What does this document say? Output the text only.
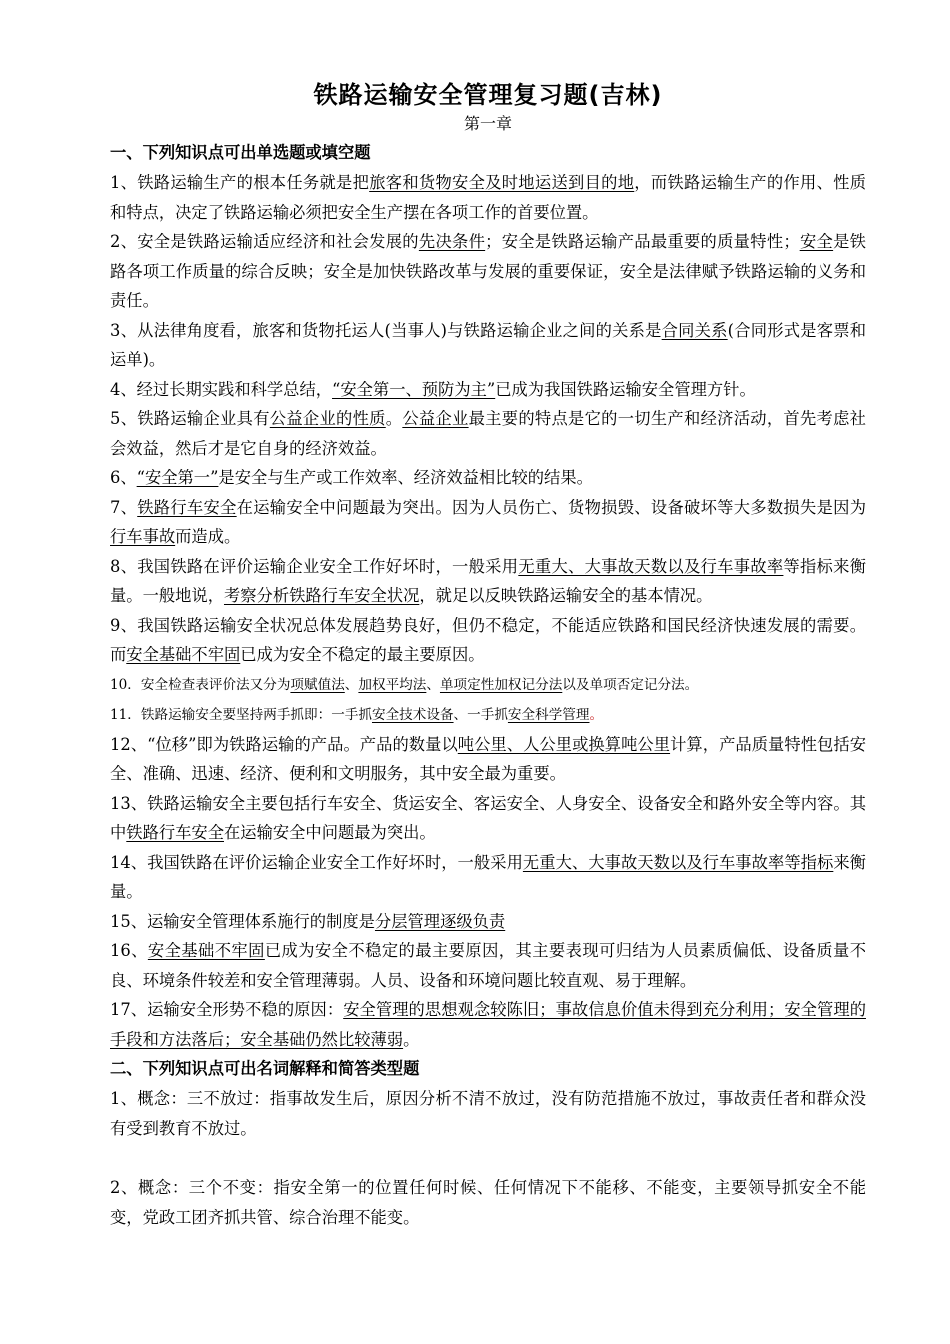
铁路运输安全管理复习题(吉林)
第一章
一、下列知识点可出单选题或填空题
1、铁路运输生产的根本任务就是把旅客和货物安全及时地运送到目的地，而铁路运输生产的作用、性质和特点，决定了铁路运输必须把安全生产摆在各项工作的首要位置。
2、安全是铁路运输适应经济和社会发展的先决条件；安全是铁路运输产品最重要的质量特性；安全是铁路各项工作质量的综合反映；安全是加快铁路改革与发展的重要保证，安全是法律赋予铁路运输的义务和责任。
3、从法律角度看，旅客和货物托运人(当事人)与铁路运输企业之间的关系是合同关系(合同形式是客票和运单)。
4、经过长期实践和科学总结，“安全第一、预防为主”已成为我国铁路运输安全管理方针。
5、铁路运输企业具有公益企业的性质。公益企业最主要的特点是它的一切生产和经济活动，首先考虑社会效益，然后才是它自身的经济效益。
6、“安全第一”是安全与生产或工作效率、经济效益相比较的结果。
7、铁路行车安全在运输安全中问题最为突出。因为人员伤亡、货物损毁、设备破坏等大多数损失是因为行车事故而造成。
8、我国铁路在评价运输企业安全工作好坏时，一般采用无重大、大事故天数以及行车事故率等指标来衡量。一般地说，考察分析铁路行车安全状况，就足以反映铁路运输安全的基本情况。
9、我国铁路运输安全状况总体发展趋势良好，但仍不稳定，不能适应铁路和国民经济快速发展的需要。而安全基础不牢固已成为安全不稳定的最主要原因。
10．安全检查表评价法又分为项赋值法、加权平均法、单项定性加权记分法以及单项否定记分法。
11．铁路运输安全要坚持两手抓即：一手抓安全技术设备、一手抓安全科学管理。
12、“位移”即为铁路运输的产品。产品的数量以吨公里、人公里或换算吨公里计算，产品质量特性包括安全、准确、迅速、经济、便利和文明服务，其中安全最为重要。
13、铁路运输安全主要包括行车安全、货运安全、客运安全、人身安全、设备安全和路外安全等内容。其中铁路行车安全在运输安全中问题最为突出。
14、我国铁路在评价运输企业安全工作好坏时，一般采用无重大、大事故天数以及行车事故率等指标来衡量。
15、运输安全管理体系施行的制度是分层管理逐级负责
16、安全基础不牢固已成为安全不稳定的最主要原因，其主要表现可归结为人员素质偏低、设备质量不良、环境条件较差和安全管理薄弱。人员、设备和环境问题比较直观、易于理解。
17、运输安全形势不稳的原因：安全管理的思想观念较陈旧；事故信息价值未得到充分利用；安全管理的手段和方法落后；安全基础仍然比较薄弱。
二、下列知识点可出名词解释和简答类型题
1、概念：三不放过：指事故发生后，原因分析不清不放过，没有防范措施不放过，事故责任者和群众没有受到教育不放过。
2、概念：三个不变：指安全第一的位置任何时候、任何情况下不能移、不能变，主要领导抓安全不能变，党政工团齐抓共管、综合治理不能变。
